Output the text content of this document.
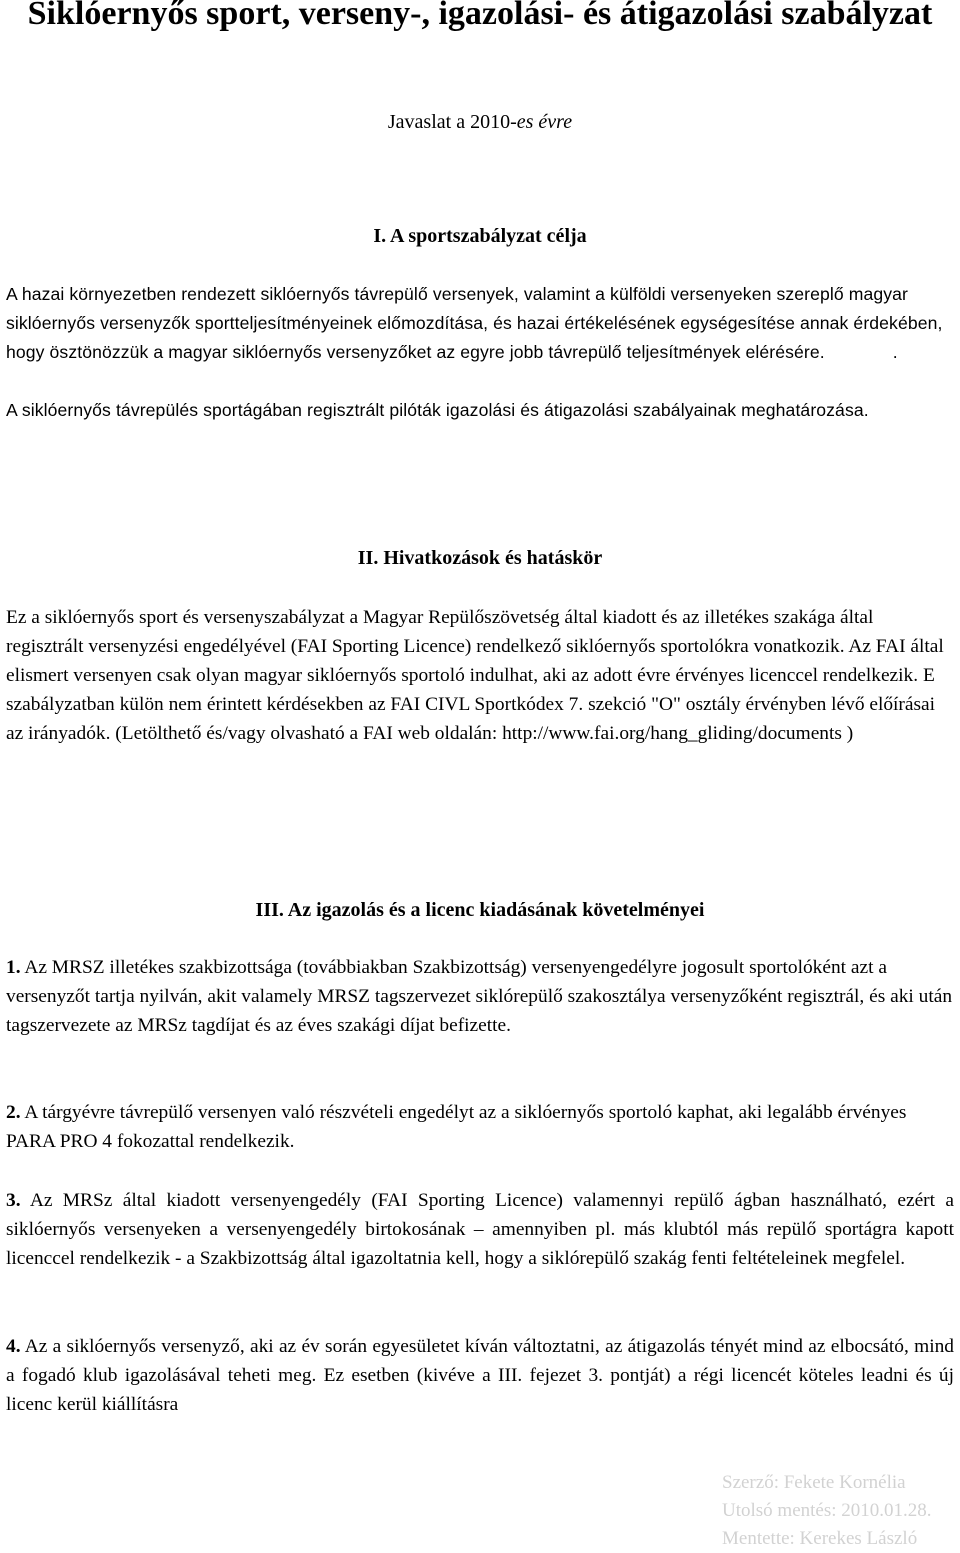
Siklóernyős sport, verseny-, igazolási- és átigazolási szabályzat

Javaslat a 2010-es évre

I. A sportszabályzat célja

A hazai környezetben rendezett siklóernyős távrepülő versenyek, valamint a külföldi versenyeken szereplő magyar siklóernyős versenyzők sportteljesítményeinek előmozdítása, és hazai értékelésének egységesítése annak érdekében, hogy ösztönözzük a magyar siklóernyős versenyzőket az egyre jobb távrepülő teljesítmények elérésére.	.

A siklóernyős távrepülés sportágában regisztrált pilóták igazolási és átigazolási szabályainak meghatározása.

II. Hivatkozások és hatáskör

Ez a siklóernyős sport és versenyszabályzat a Magyar Repülőszövetség által kiadott és az illetékes szakága által regisztrált versenyzési engedélyével (FAI Sporting Licence) rendelkező siklóernyős sportolókra vonatkozik. Az FAI által elismert versenyen csak olyan magyar siklóernyős sportoló indulhat, aki az adott évre érvényes licenccel rendelkezik. E szabályzatban külön nem érintett kérdésekben az FAI CIVL Sportkódex 7. szekció "O" osztály érvényben lévő előírásai az irányadók. (Letölthető és/vagy olvasható a FAI web oldalán: http://www.fai.org/hang_gliding/documents )

III. Az igazolás és a licenc kiadásának követelményei

1. Az MRSZ illetékes szakbizottsága (továbbiakban Szakbizottság) versenyengedélyre jogosult sportolóként azt a versenyzőt tartja nyilván, akit valamely MRSZ tagszervezet siklórepülő szakosztálya versenyzőként regisztrál, és aki után tagszervezete az MRSz tagdíjat és az éves szakági díjat befizette.

2. A tárgyévre távrepülő versenyen való részvételi engedélyt az a siklóernyős sportoló kaphat, aki legalább érvényes PARA PRO 4 fokozattal rendelkezik.

3. Az MRSz által kiadott versenyengedély (FAI Sporting Licence) valamennyi repülő ágban használható, ezért a siklóernyős versenyeken a versenyengedély birtokosának – amennyiben pl. más klubtól más repülő sportágra kapott licenccel rendelkezik - a Szakbizottság által igazoltatnia kell, hogy a siklórepülő szakág fenti feltételeinek megfelel.

4. Az a siklóernyős versenyző, aki az év során egyesületet kíván változtatni, az átigazolás tényét mind az elbocsátó, mind a fogadó klub igazolásával teheti meg. Ez esetben (kivéve a III. fejezet 3. pontját) a régi licencét köteles leadni és új licenc kerül kiállításra

Szerző: Fekete Kornélia

Utolsó mentés: 2010.01.28.

Mentette: Kerekes László
